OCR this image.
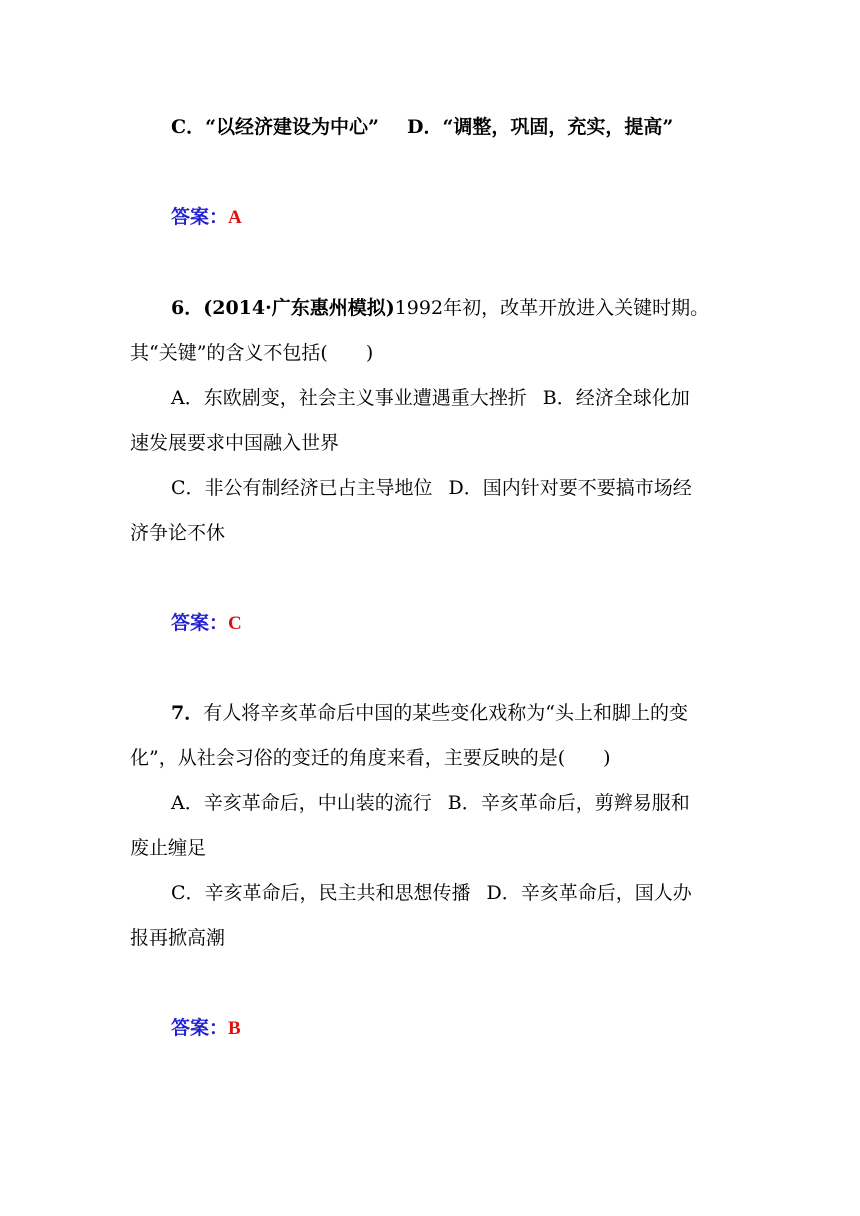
C．“以经济建设为中心” D．“调整，巩固，充实，提高”
答案：A
6．(2014·广东惠州模拟)1992年初，改革开放进入关键时期。
其“关键”的含义不包括(　　)
A．东欧剧变，社会主义事业遭遇重大挫折 B．经济全球化加
速发展要求中国融入世界
C．非公有制经济已占主导地位 D．国内针对要不要搞市场经
济争论不休
答案：C
7．有人将辛亥革命后中国的某些变化戏称为“头上和脚上的变
化”，从社会习俗的变迁的角度来看，主要反映的是(　　)
A．辛亥革命后，中山装的流行 B．辛亥革命后，剪辫易服和
废止缠足
C．辛亥革命后，民主共和思想传播 D．辛亥革命后，国人办
报再掀高潮
答案：B
